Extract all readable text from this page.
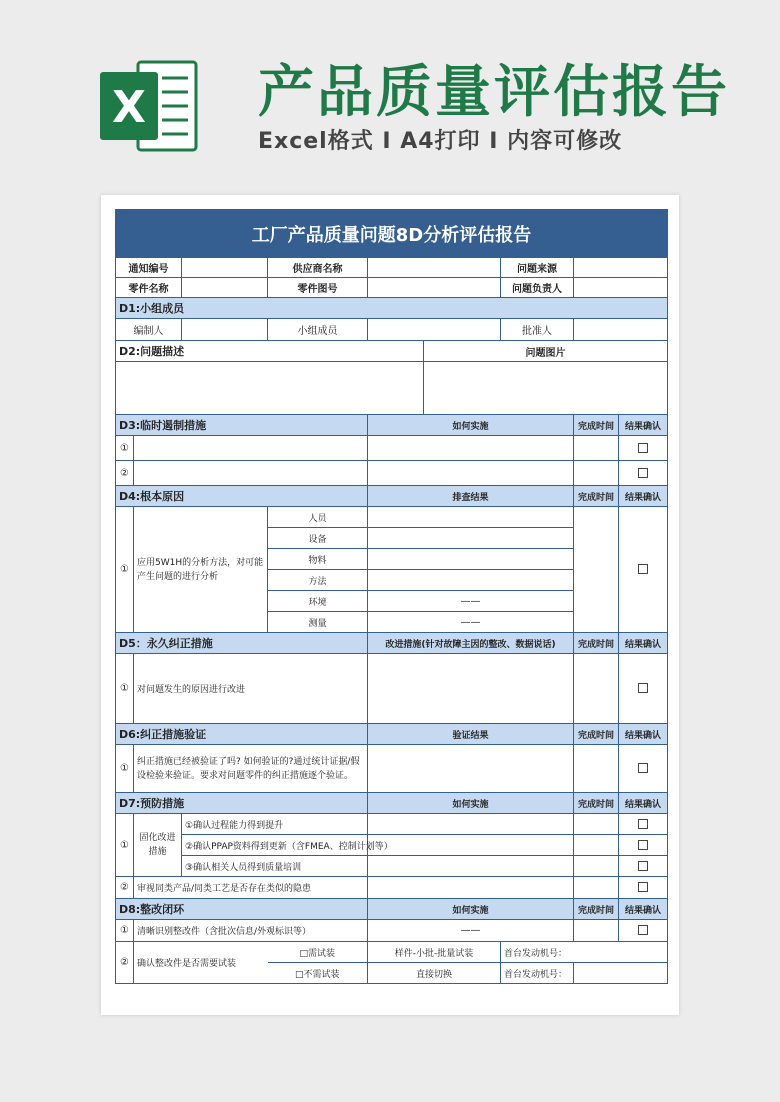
X 产品质量评估报告
Excel格式 I A4打印 I 内容可修改
工厂产品质量问题8D分析评估报告								
通知编号			供应商名称			问题来源		
零件名称			零件图号			问题负责人		
D1:小组成员								
编制人			小组成员			批准人		
D2:问题描述					问题图片			

D3:临时遏制措施				如何实施			完成时间	结果确认
①								
②								
D4:根本原因				排查结果			完成时间	结果确认
①	应用5W1H的分析方法，对可能产生问题的进行分析		人员					
			设备					
			物料					
			方法					
			环境	——				
			测量	——				
D5：永久纠正措施				改进措施(针对故障主因的整改、数据说话)			完成时间	结果确认
①	对问题发生的原因进行改进							
D6:纠正措施验证				验证结果			完成时间	结果确认
①	纠正措施已经被验证了吗? 如何验证的?通过统计证据/假设检验来验证。要求对问题零件的纠正措施逐个验证。							
D7:预防措施				如何实施			完成时间	结果确认
①	固化改进 措施	①确认过程能力得到提升						
		②确认PPAP资料得到更新（含FMEA、控制计划等）						
		③确认相关人员得到质量培训						
②	审视同类产品/同类工艺是否存在类似的隐患							
D8:整改闭环				如何实施			完成时间	结果确认
①	清晰识别整改件（含批次信息/外观标识等）			——				
②	确认整改件是否需要试装		□需试装	样件-小批-批量试装		首台发动机号：		
			□不需试装	直接切换		首台发动机号：		
